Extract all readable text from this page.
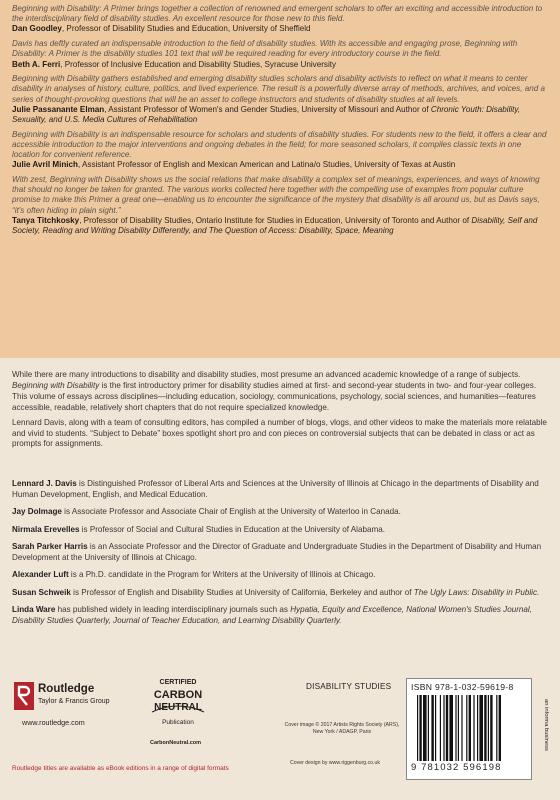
Beginning with Disability: A Primer brings together a collection of renowned and emergent scholars to offer an exciting and accessible introduction to the interdisciplinary field of disability studies. An excellent resource for those new to this field.

Dan Goodley, Professor of Disability Studies and Education, University of Sheffield

Davis has deftly curated an indispensable introduction to the field of disability studies. With its accessible and engaging prose, Beginning with Disability: A Primer is the disability studies 101 text that will be required reading for every introductory course in the field.

Beth A. Ferri, Professor of Inclusive Education and Disability Studies, Syracuse University

Beginning with Disability gathers established and emerging disability studies scholars and disability activists to reflect on what it means to center disability in analyses of history, culture, politics, and lived experience. The result is a powerfully diverse array of methods, archives, and voices, and a series of thought-provoking questions that will be an asset to college instructors and students of disability studies at all levels.

Julie Passanante Elman, Assistant Professor of Women's and Gender Studies, University of Missouri and Author of Chronic Youth: Disability, Sexuality, and U.S. Media Cultures of Rehabilitation

Beginning with Disability is an indispensable resource for scholars and students of disability studies. For students new to the field, it offers a clear and accessible introduction to the major interventions and ongoing debates in the field; for more seasoned scholars, it compiles classic texts in one location for convenient reference.

Julie Avril Minich, Assistant Professor of English and Mexican American and Latina/o Studies, University of Texas at Austin

With zest, Beginning with Disability shows us the social relations that make disability a complex set of meanings, experiences, and ways of knowing that should no longer be taken for granted. The various works collected here together with the compelling use of examples from popular culture promise to make this Primer a great one—enabling us to encounter the significance of the mystery that disability is all around us, but as Davis says, “it's often hiding in plain sight.”

Tanya Titchkosky, Professor of Disability Studies, Ontario Institute for Studies in Education, University of Toronto and Author of Disability, Self and Society, Reading and Writing Disability Differently, and The Question of Access: Disability, Space, Meaning

While there are many introductions to disability and disability studies, most presume an advanced academic knowledge of a range of subjects. Beginning with Disability is the first introductory primer for disability studies aimed at first- and second-year students in two- and four-year colleges. This volume of essays across disciplines—including education, sociology, communications, psychology, social sciences, and humanities—features accessible, readable, relatively short chapters that do not require specialized knowledge.

Lennard Davis, along with a team of consulting editors, has compiled a number of blogs, vlogs, and other videos to make the materials more relatable and vivid to students. “Subject to Debate” boxes spotlight short pro and con pieces on controversial subjects that can be debated in class or act as prompts for assignments.

Lennard J. Davis is Distinguished Professor of Liberal Arts and Sciences at the University of Illinois at Chicago in the departments of Disability and Human Development, English, and Medical Education.

Jay Dolmage is Associate Professor and Associate Chair of English at the University of Waterloo in Canada.

Nirmala Erevelles is Professor of Social and Cultural Studies in Education at the University of Alabama.

Sarah Parker Harris is an Associate Professor and the Director of Graduate and Undergraduate Studies in the Department of Disability and Human Development at the University of Illinois at Chicago.

Alexander Luft is a Ph.D. candidate in the Program for Writers at the University of Illinois at Chicago.

Susan Schweik is Professor of English and Disability Studies at University of California, Berkeley and author of The Ugly Laws: Disability in Public.

Linda Ware has published widely in leading interdisciplinary journals such as Hypatia, Equity and Excellence, National Women's Studies Journal, Disability Studies Quarterly, Journal of Teacher Education, and Learning Disability Quarterly.

Routledge
Taylor & Francis Group
www.routledge.com
CERTIFIED
CARBON
NEUTRAL
Publication
CarbonNeutral.com
DISABILITY STUDIES
Cover image © 2017 Artists Rights Society (ARS), New York / ADAGP, Paris
Cover design by www.riggenburg.co.uk
ISBN 978-1-032-59619-8
9 781032 596198
an informa business
Routledge titles are available as eBook editions in a range of digital formats
